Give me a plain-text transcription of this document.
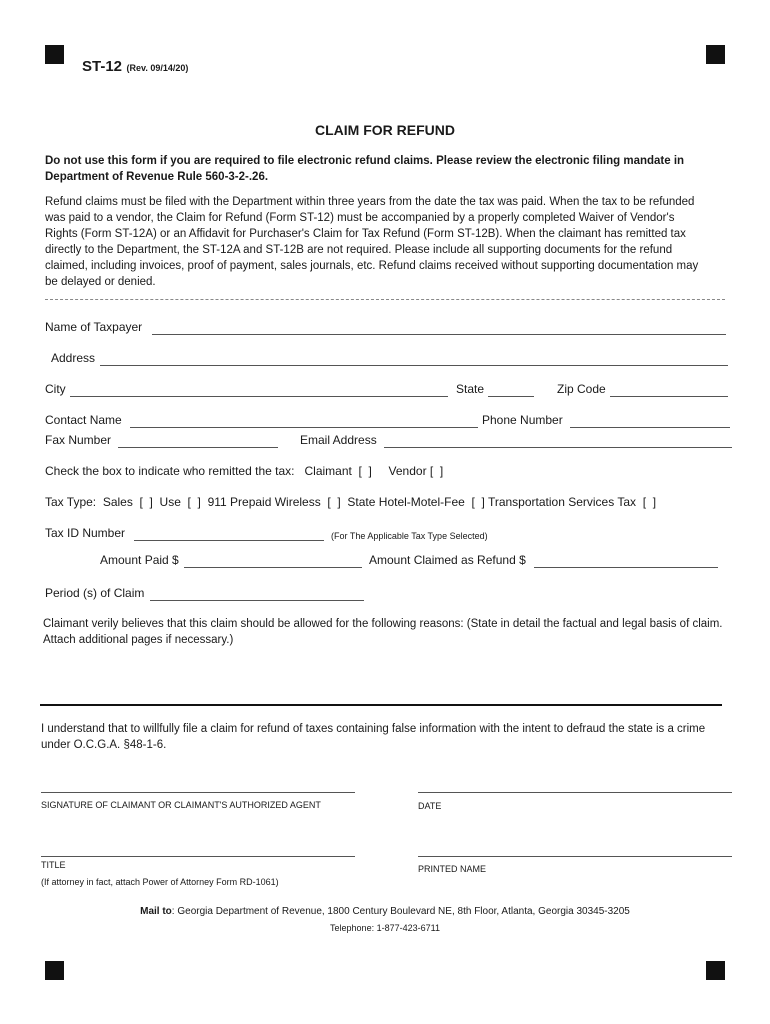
ST-12 (Rev. 09/14/20)
CLAIM FOR REFUND
Do not use this form if you are required to file electronic refund claims. Please review the electronic filing mandate in Department of Revenue Rule 560-3-2-.26.
Refund claims must be filed with the Department within three years from the date the tax was paid. When the tax to be refunded was paid to a vendor, the Claim for Refund (Form ST-12) must be accompanied by a properly completed Waiver of Vendor's Rights (Form ST-12A) or an Affidavit for Purchaser's Claim for Tax Refund (Form ST-12B). When the claimant has remitted tax directly to the Department, the ST-12A and ST-12B are not required. Please include all supporting documents for the refund claimed, including invoices, proof of payment, sales journals, etc. Refund claims received without supporting documentation may be delayed or denied.
Name of Taxpayer
Address
City	State	Zip Code
Contact Name	Phone Number
Fax Number	Email Address
Check the box to indicate who remitted the tax: Claimant [  ] Vendor [  ]
Tax Type: Sales [  ] Use [  ] 911 Prepaid Wireless [  ] State Hotel-Motel-Fee [  ] Transportation Services Tax [  ]
Tax ID Number	(For The Applicable Tax Type Selected)
Amount Paid $	Amount Claimed as Refund $
Period (s) of Claim
Claimant verily believes that this claim should be allowed for the following reasons: (State in detail the factual and legal basis of claim. Attach additional pages if necessary.)
I understand that to willfully file a claim for refund of taxes containing false information with the intent to defraud the state is a crime under O.C.G.A. §48-1-6.
SIGNATURE OF CLAIMANT OR CLAIMANT'S AUTHORIZED AGENT	DATE
TITLE
(If attorney in fact, attach Power of Attorney Form RD-1061)
PRINTED NAME
Mail to: Georgia Department of Revenue, 1800 Century Boulevard NE, 8th Floor, Atlanta, Georgia 30345-3205
Telephone: 1-877-423-6711
